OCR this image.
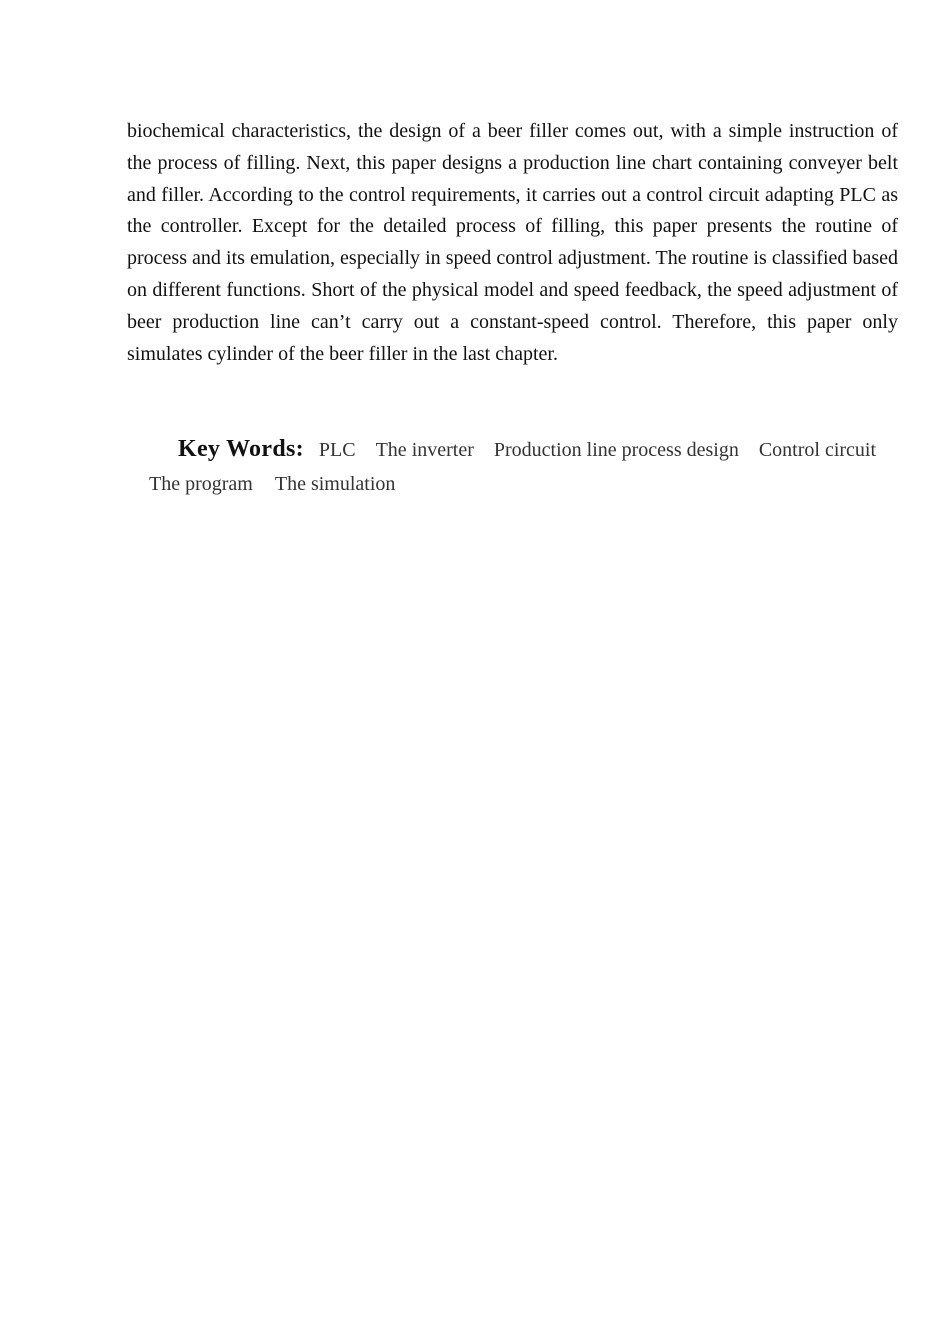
biochemical characteristics, the design of a beer filler comes out, with a simple instruction of the process of filling. Next, this paper designs a production line chart containing conveyer belt and filler. According to the control requirements, it carries out a control circuit adapting PLC as the controller. Except for the detailed process of filling, this paper presents the routine of process and its emulation, especially in speed control adjustment. The routine is classified based on different functions. Short of the physical model and speed feedback, the speed adjustment of beer production line can’t carry out a constant-speed control. Therefore, this paper only simulates cylinder of the beer filler in the last chapter.

Key Words: PLC The inverter Production line process design Control circuitThe program The simulation
